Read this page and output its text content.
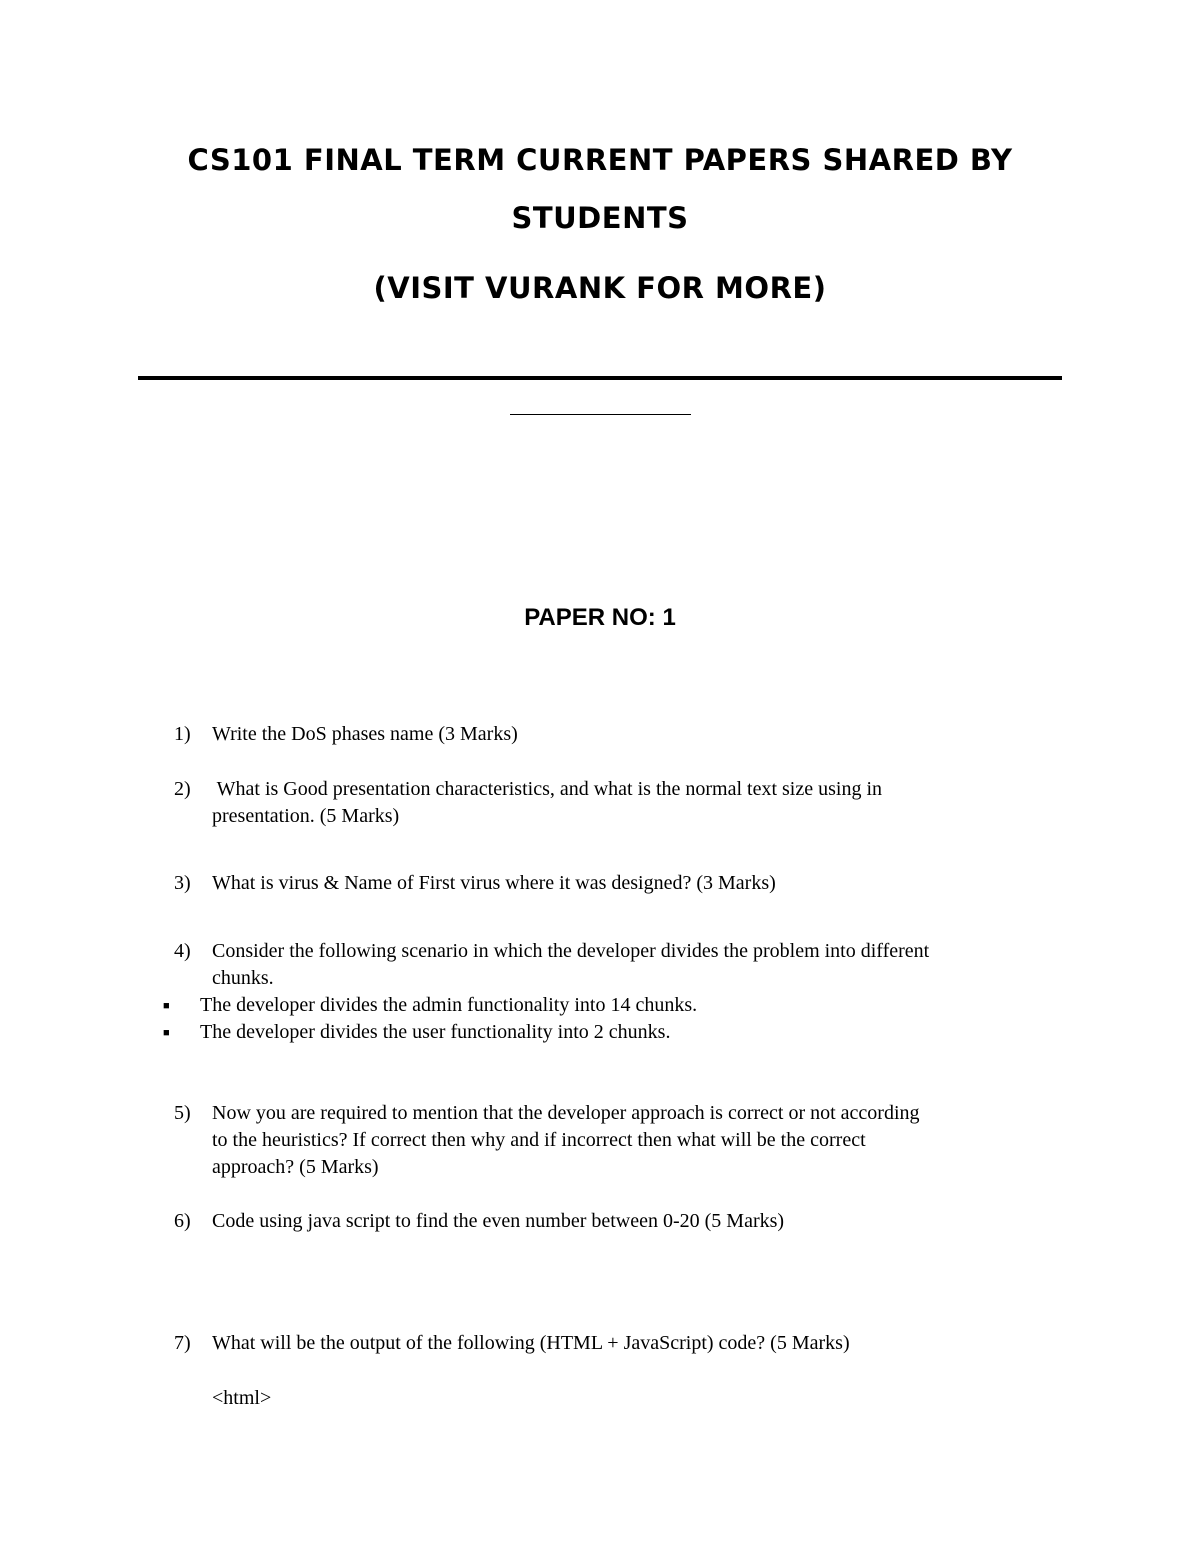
CS101 FINAL TERM CURRENT PAPERS SHARED BY
STUDENTS
(VISIT VURANK FOR MORE)
PAPER NO: 1
1) Write the DoS phases name (3 Marks)
2) What is Good presentation characteristics, and what is the normal text size using in
presentation. (5 Marks)
3) What is virus & Name of First virus where it was designed? (3 Marks)
4) Consider the following scenario in which the developer divides the problem into different
chunks.
■ The developer divides the admin functionality into 14 chunks.
■ The developer divides the user functionality into 2 chunks.
5) Now you are required to mention that the developer approach is correct or not according
to the heuristics? If correct then why and if incorrect then what will be the correct
approach? (5 Marks)
6) Code using java script to find the even number between 0-20 (5 Marks)
7) What will be the output of the following (HTML + JavaScript) code? (5 Marks)
<html>
